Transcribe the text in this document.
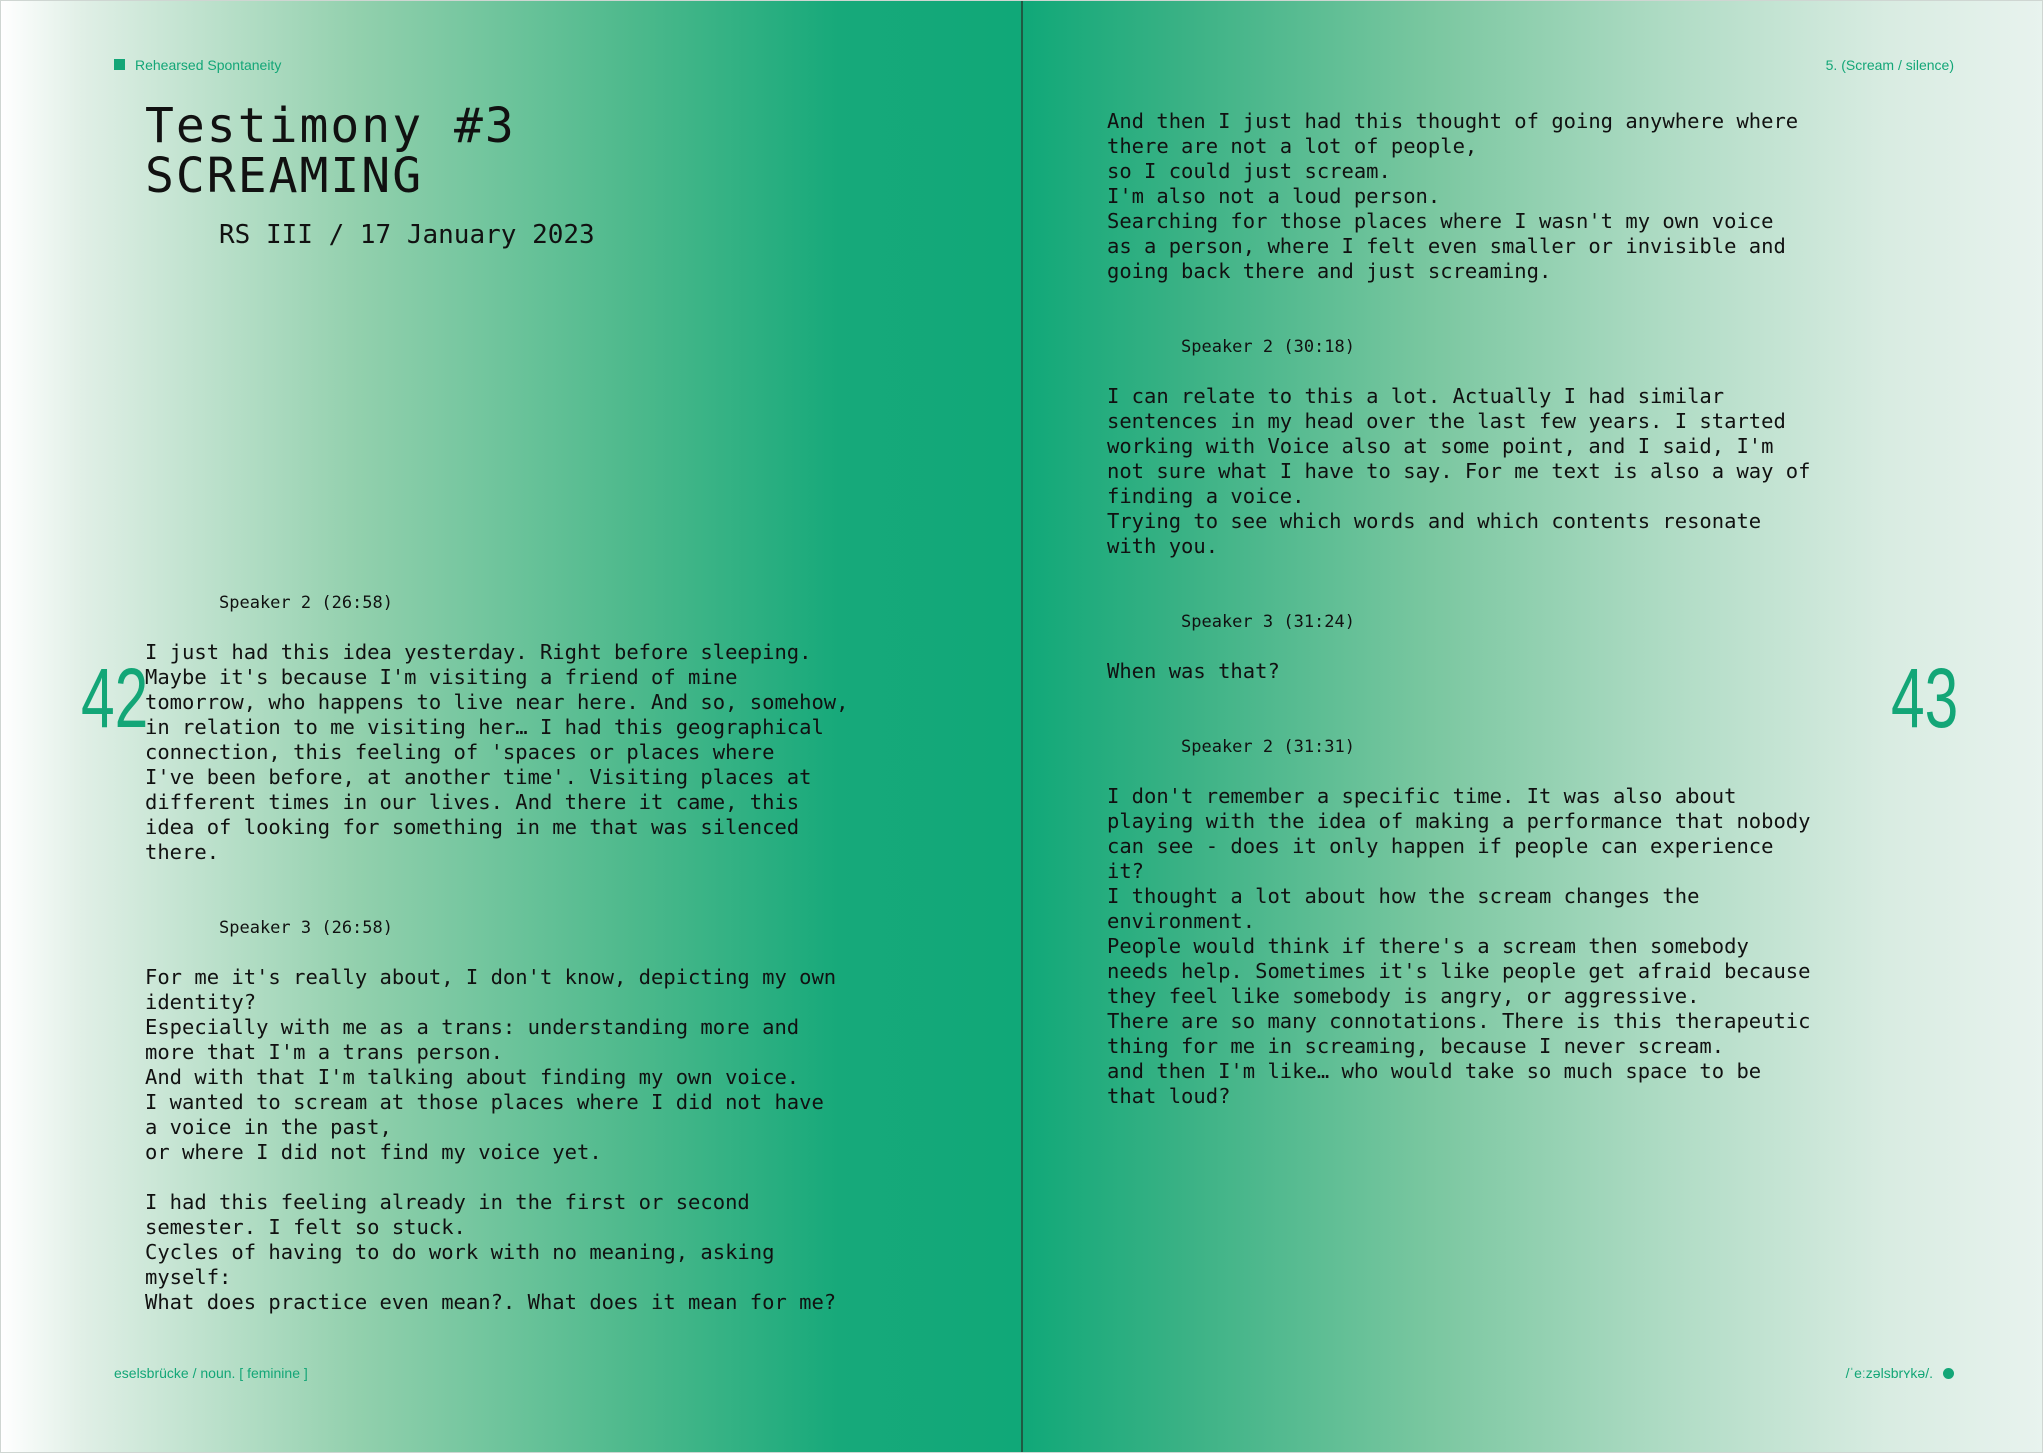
Rehearsed Spontaneity
Testimony #3
SCREAMING

RS III / 17 January 2023

42

Speaker 2 (26:58)

I just had this idea yesterday. Right before sleeping.
Maybe it's because I'm visiting a friend of mine
tomorrow, who happens to live near here. And so, somehow,
in relation to me visiting her… I had this geographical
connection, this feeling of 'spaces or places where
I've been before, at another time'. Visiting places at
different times in our lives. And there it came, this
idea of looking for something in me that was silenced
there.

Speaker 3 (26:58)

For me it's really about, I don't know, depicting my own
identity?
Especially with me as a trans: understanding more and
more that I'm a trans person.
And with that I'm talking about finding my own voice.
I wanted to scream at those places where I did not have
a voice in the past,
or where I did not find my voice yet.

I had this feeling already in the first or second
semester. I felt so stuck.
Cycles of having to do work with no meaning, asking
myself:
What does practice even mean?. What does it mean for me?

eselsbrücke / noun. [ feminine ]
5. (Scream / silence)

And then I just had this thought of going anywhere where
there are not a lot of people,
so I could just scream.
I'm also not a loud person.
Searching for those places where I wasn't my own voice
as a person, where I felt even smaller or invisible and
going back there and just screaming.

Speaker 2 (30:18)

I can relate to this a lot. Actually I had similar
sentences in my head over the last few years. I started
working with Voice also at some point, and I said, I'm
not sure what I have to say. For me text is also a way of
finding a voice.
Trying to see which words and which contents resonate
with you.

Speaker 3 (31:24)

When was that?

Speaker 2 (31:31)

I don't remember a specific time. It was also about
playing with the idea of making a performance that nobody
can see - does it only happen if people can experience
it?
I thought a lot about how the scream changes the
environment.
People would think if there's a scream then somebody
needs help. Sometimes it's like people get afraid because
they feel like somebody is angry, or aggressive.
There are so many connotations. There is this therapeutic
thing for me in screaming, because I never scream.
and then I'm like… who would take so much space to be
that loud?

43
/ˈeːzəlsbrʏkə/.
